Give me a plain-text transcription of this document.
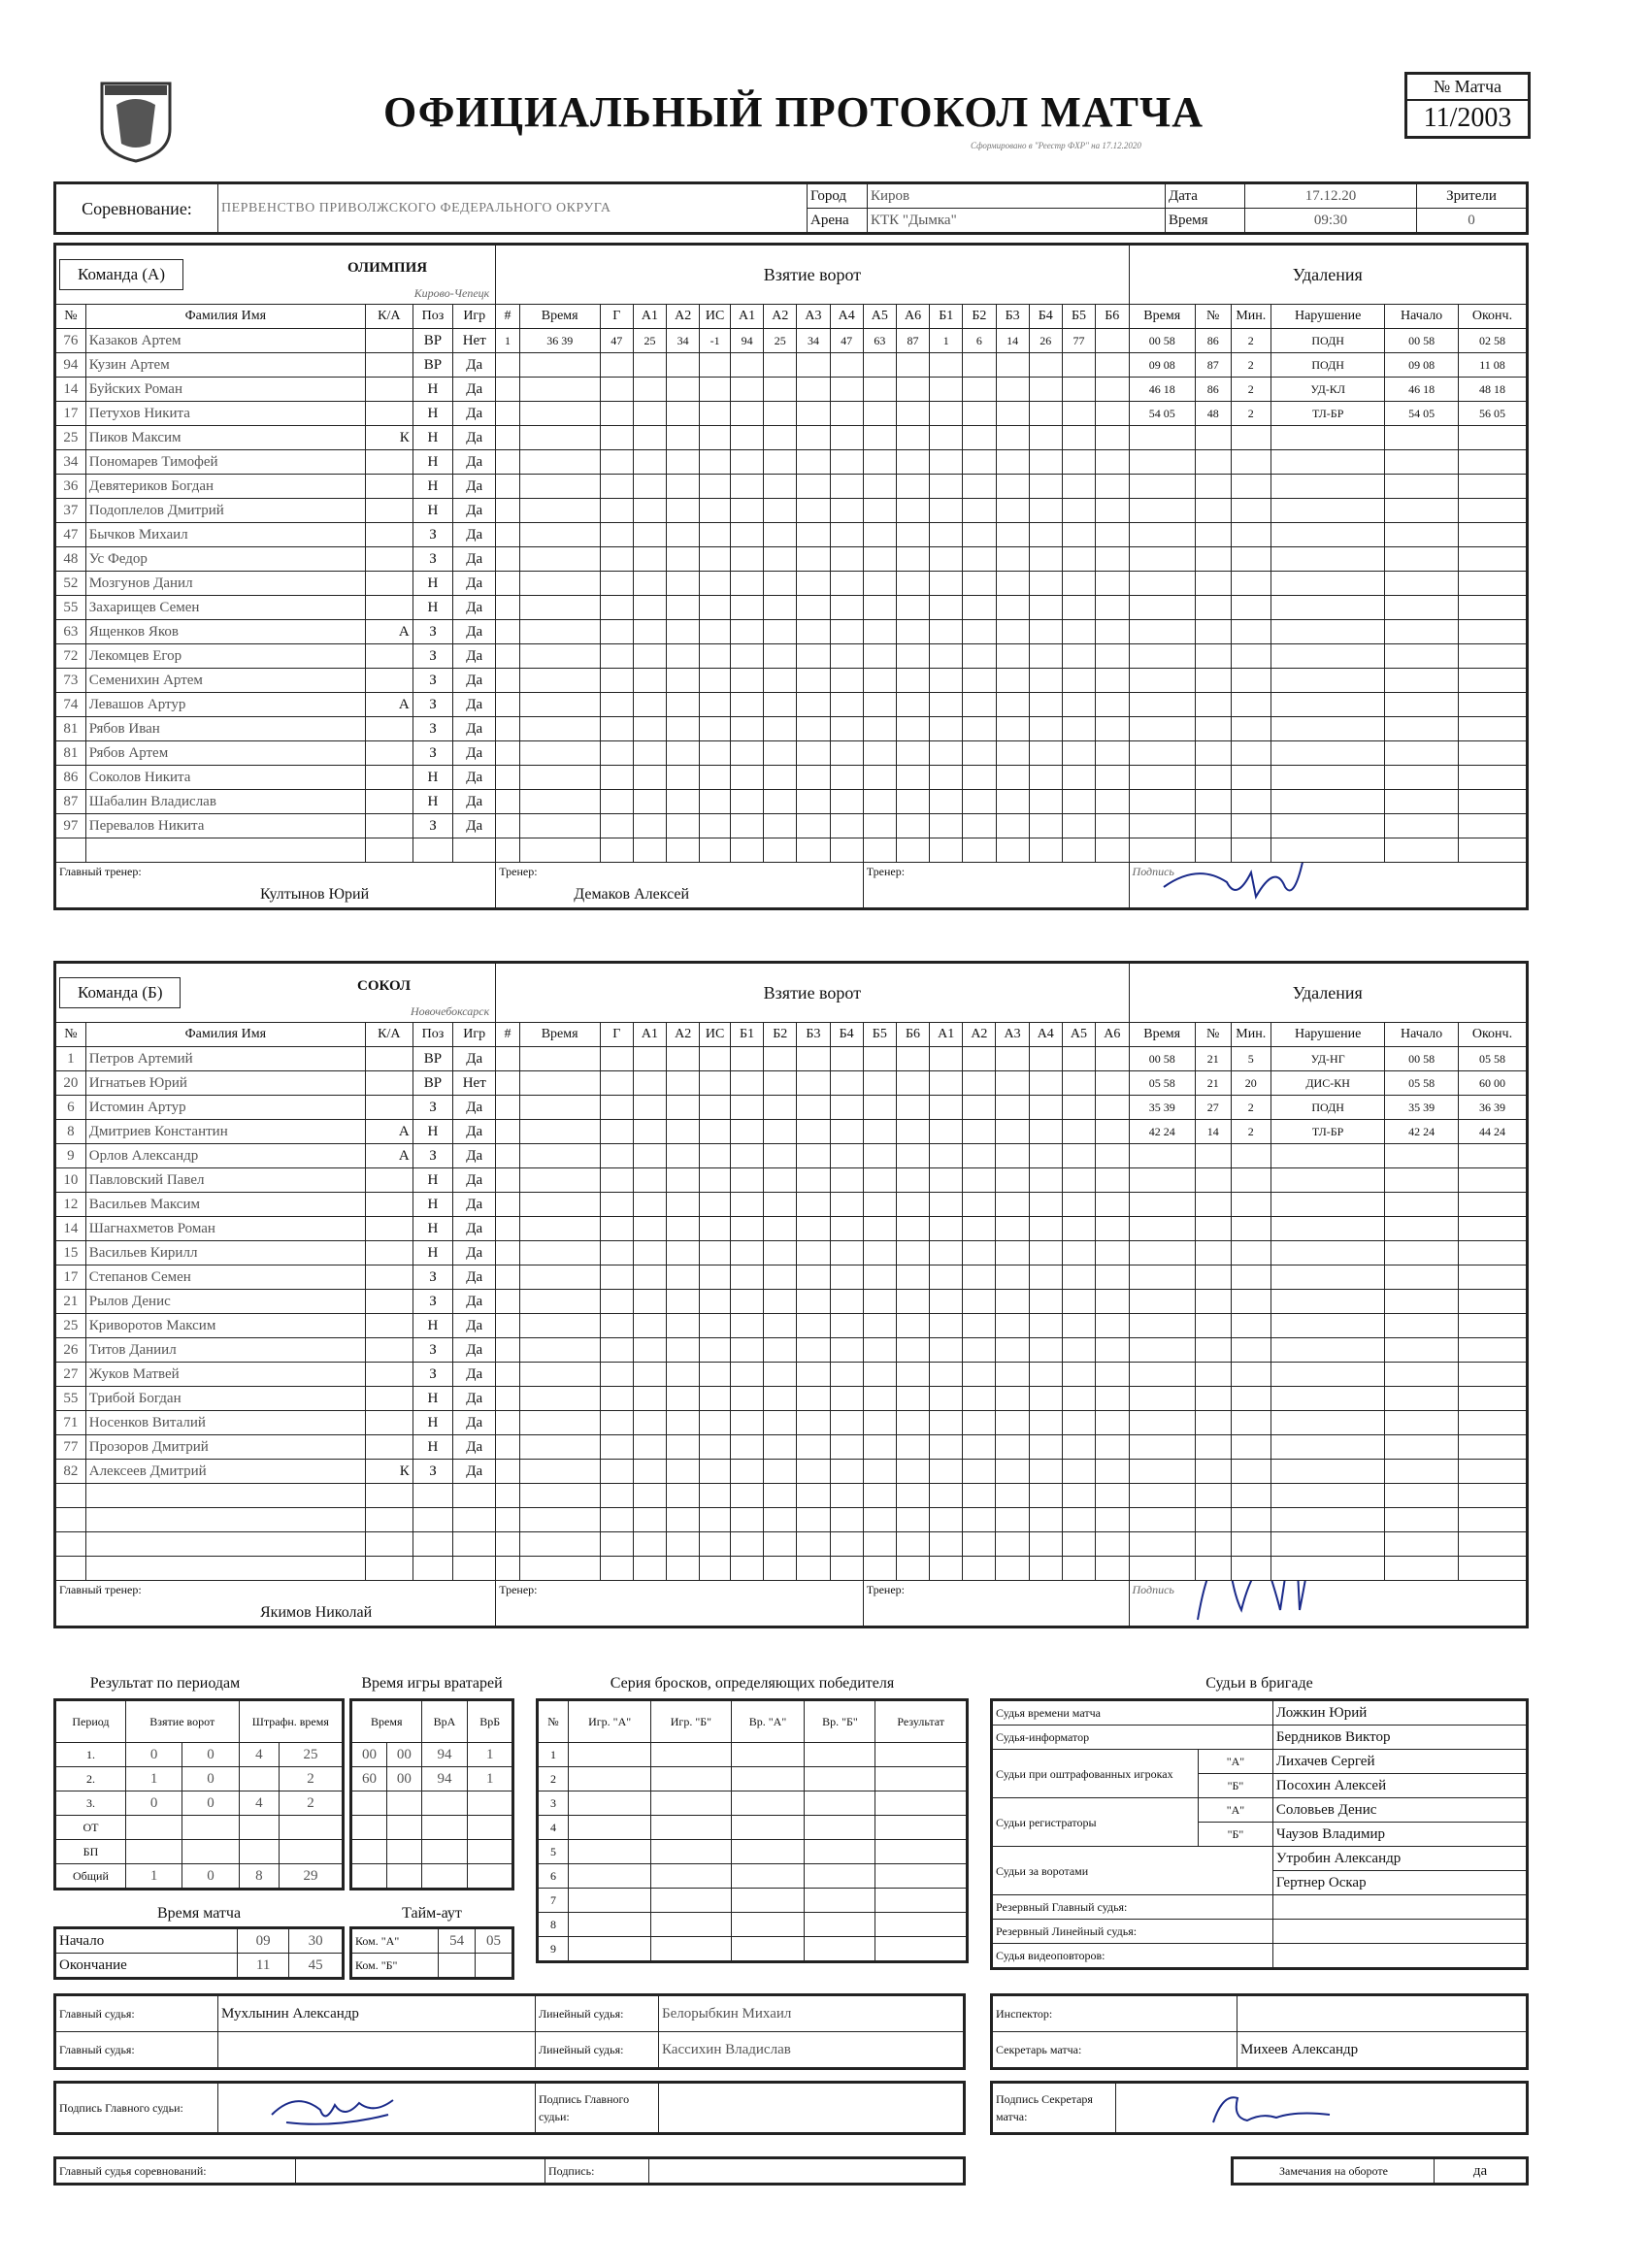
ОФИЦИАЛЬНЫЙ ПРОТОКОЛ МАТЧА
Сформировано в "Реестр ФХР" на 17.12.2020
№ Матча
11/2003
Соревнование:	ПЕРВЕНСТВО ПРИВОЛЖСКОГО ФЕДЕРАЛЬНОГО ОКРУГА	Город	Киров	Дата	17.12.20	Зрители
		Арена	КТК "Дымка"	Время	09:30	0
Команда (А) ОЛИМПИЯ
Кирово-Чепецк					Взятие ворот																		Удаления					
№	Фамилия Имя	К/А	Поз	Игр	#	Время	Г	А1	А2	ИС	А1	А2	А3	А4	А5	А6	Б1	Б2	Б3	Б4	Б5	Б6	Время	№	Мин.	Нарушение	Начало	Оконч.
76	Казаков Артем		ВР	Нет	1	36 39	47	25	34	-1	94	25	34	47	63	87	1	6	14	26	77		00 58	86	2	ПОДН	00 58	02 58
94	Кузин Артем		ВР	Да																			09 08	87	2	ПОДН	09 08	11 08
14	Буйских Роман		Н	Да																			46 18	86	2	УД-КЛ	46 18	48 18
17	Петухов Никита		Н	Да																			54 05	48	2	ТЛ-БР	54 05	56 05
25	Пиков Максим	К	Н	Да																								
34	Пономарев Тимофей		Н	Да																								
36	Девятериков Богдан		Н	Да																								
37	Подоплелов Дмитрий		Н	Да																								
47	Бычков Михаил		З	Да																								
48	Ус Федор		З	Да																								
52	Мозгунов Данил		Н	Да																								
55	Захарищев Семен		Н	Да																								
63	Ященков Яков	А	З	Да																								
72	Лекомцев Егор		З	Да																								
73	Семенихин Артем		З	Да																								
74	Левашов Артур	А	З	Да																								
81	Рябов Иван		З	Да																								
81	Рябов Артем		З	Да																								
86	Соколов Никита		Н	Да																								
87	Шабалин Владислав		Н	Да																								
97	Перевалов Никита		З	Да																								

Главный тренер:
Култынов Юрий					Тренер:
Демаков Алексей										Тренер:								Подпись					
Команда (Б) СОКОЛ
Новочебоксарск					Взятие ворот																		Удаления					
№	Фамилия Имя	К/А	Поз	Игр	#	Время	Г	А1	А2	ИС	Б1	Б2	Б3	Б4	Б5	Б6	А1	А2	А3	А4	А5	А6	Время	№	Мин.	Нарушение	Начало	Оконч.
1	Петров Артемий		ВР	Да																			00 58	21	5	УД-НГ	00 58	05 58
20	Игнатьев Юрий		ВР	Нет																			05 58	21	20	ДИС-КН	05 58	60 00
6	Истомин Артур		З	Да																			35 39	27	2	ПОДН	35 39	36 39
8	Дмитриев Константин	А	Н	Да																			42 24	14	2	ТЛ-БР	42 24	44 24
9	Орлов Александр	А	З	Да																								
10	Павловский Павел		Н	Да																								
12	Васильев Максим		Н	Да																								
14	Шагнахметов Роман		Н	Да																								
15	Васильев Кирилл		Н	Да																								
17	Степанов Семен		З	Да																								
21	Рылов Денис		З	Да																								
25	Криворотов Максим		Н	Да																								
26	Титов Даниил		З	Да																								
27	Жуков Матвей		З	Да																								
55	Трибой Богдан		Н	Да																								
71	Носенков Виталий		Н	Да																								
77	Прозоров Дмитрий		Н	Да																								
82	Алексеев Дмитрий	К	З	Да																								

Главный тренер:
Якимов Николай					Тренер:										Тренер:								Подпись					
Результат по периодам
Период	Взятие ворот		Штрафн. время	
1.	0	0	4	25
2.	1	0		2
3.	0	0	4	2
ОТ				
БП				
Общий	1	0	8	29
Время матча
Начало	09	30
Окончание	11	45
Время игры вратарей
Время		ВрА	ВрБ
00	00	94	1
60	00	94	1

Тайм-аут
Ком. "А"	54	05
Ком. "Б"		
Серия бросков, определяющих победителя
№	Игр. "А"	Игр. "Б"	Вр. "А"	Вр. "Б"	Результат
1					
2					
3					
4					
5					
6					
7					
8					
9					
Судьи в бригаде
Судья времени матча		Ложкин Юрий
Судья-информатор		Бердников Виктор
Судьи при оштрафованных игроках	"А"	Лихачев Сергей
	"Б"	Посохин Алексей
Судьи регистраторы	"А"	Соловьев Денис
	"Б"	Чаузов Владимир
Судьи за воротами		Утробин Александр
		Гертнер Оскар
Резервный Главный судья:		
Резервный Линейный судья:		
Судья видеоповторов:		
Главный судья:	Мухлынин Александр	Линейный судья:	Белорыбкин Михаил
Главный судья:		Линейный судья:	Кассихин Владислав
Инспектор:	
Секретарь матча:	Михеев Александр
Подпись Главного судьи:	
	Подпись Главного судьи:	
Подпись Секретаря матча:	
Главный судья соревнований:		Подпись:		Замечания на обороте	да
